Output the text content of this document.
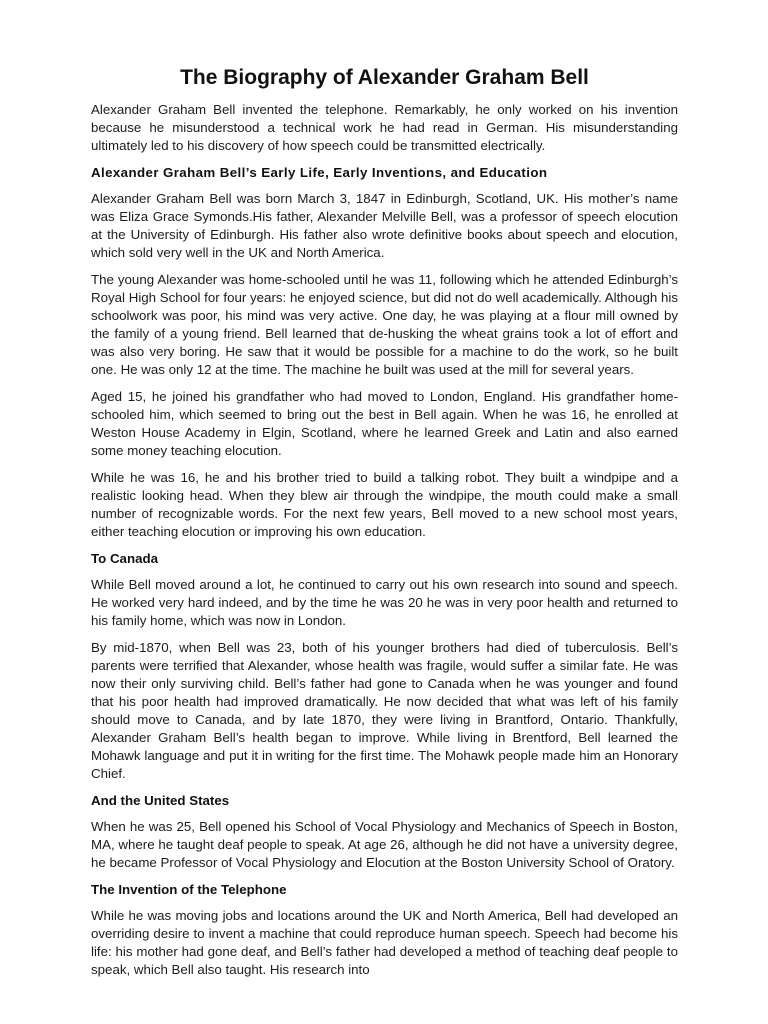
The Biography of Alexander Graham Bell

Alexander Graham Bell invented the telephone. Remarkably, he only worked on his invention because he misunderstood a technical work he had read in German. His misunderstanding ultimately led to his discovery of how speech could be transmitted electrically.

Alexander Graham Bell’s Early Life, Early Inventions, and Education

Alexander Graham Bell was born March 3, 1847 in Edinburgh, Scotland, UK. His mother’s name was Eliza Grace Symonds.His father, Alexander Melville Bell, was a professor of speech elocution at the University of Edinburgh. His father also wrote definitive books about speech and elocution, which sold very well in the UK and North America.

The young Alexander was home-schooled until he was 11, following which he attended Edinburgh’s Royal High School for four years: he enjoyed science, but did not do well academically. Although his schoolwork was poor, his mind was very active. One day, he was playing at a flour mill owned by the family of a young friend. Bell learned that de-husking the wheat grains took a lot of effort and was also very boring. He saw that it would be possible for a machine to do the work, so he built one. He was only 12 at the time. The machine he built was used at the mill for several years.

Aged 15, he joined his grandfather who had moved to London, England. His grandfather home-schooled him, which seemed to bring out the best in Bell again. When he was 16, he enrolled at Weston House Academy in Elgin, Scotland, where he learned Greek and Latin and also earned some money teaching elocution.

While he was 16, he and his brother tried to build a talking robot. They built a windpipe and a realistic looking head. When they blew air through the windpipe, the mouth could make a small number of recognizable words. For the next few years, Bell moved to a new school most years, either teaching elocution or improving his own education.

To Canada

While Bell moved around a lot, he continued to carry out his own research into sound and speech. He worked very hard indeed, and by the time he was 20 he was in very poor health and returned to his family home, which was now in London.

By mid-1870, when Bell was 23, both of his younger brothers had died of tuberculosis. Bell’s parents were terrified that Alexander, whose health was fragile, would suffer a similar fate. He was now their only surviving child. Bell’s father had gone to Canada when he was younger and found that his poor health had improved dramatically. He now decided that what was left of his family should move to Canada, and by late 1870, they were living in Brantford, Ontario. Thankfully, Alexander Graham Bell’s health began to improve. While living in Brentford, Bell learned the Mohawk language and put it in writing for the first time. The Mohawk people made him an Honorary Chief.

And the United States

When he was 25, Bell opened his School of Vocal Physiology and Mechanics of Speech in Boston, MA, where he taught deaf people to speak. At age 26, although he did not have a university degree, he became Professor of Vocal Physiology and Elocution at the Boston University School of Oratory.

The Invention of the Telephone

While he was moving jobs and locations around the UK and North America, Bell had developed an overriding desire to invent a machine that could reproduce human speech. Speech had become his life: his mother had gone deaf, and Bell’s father had developed a method of teaching deaf people to speak, which Bell also taught. His research into
